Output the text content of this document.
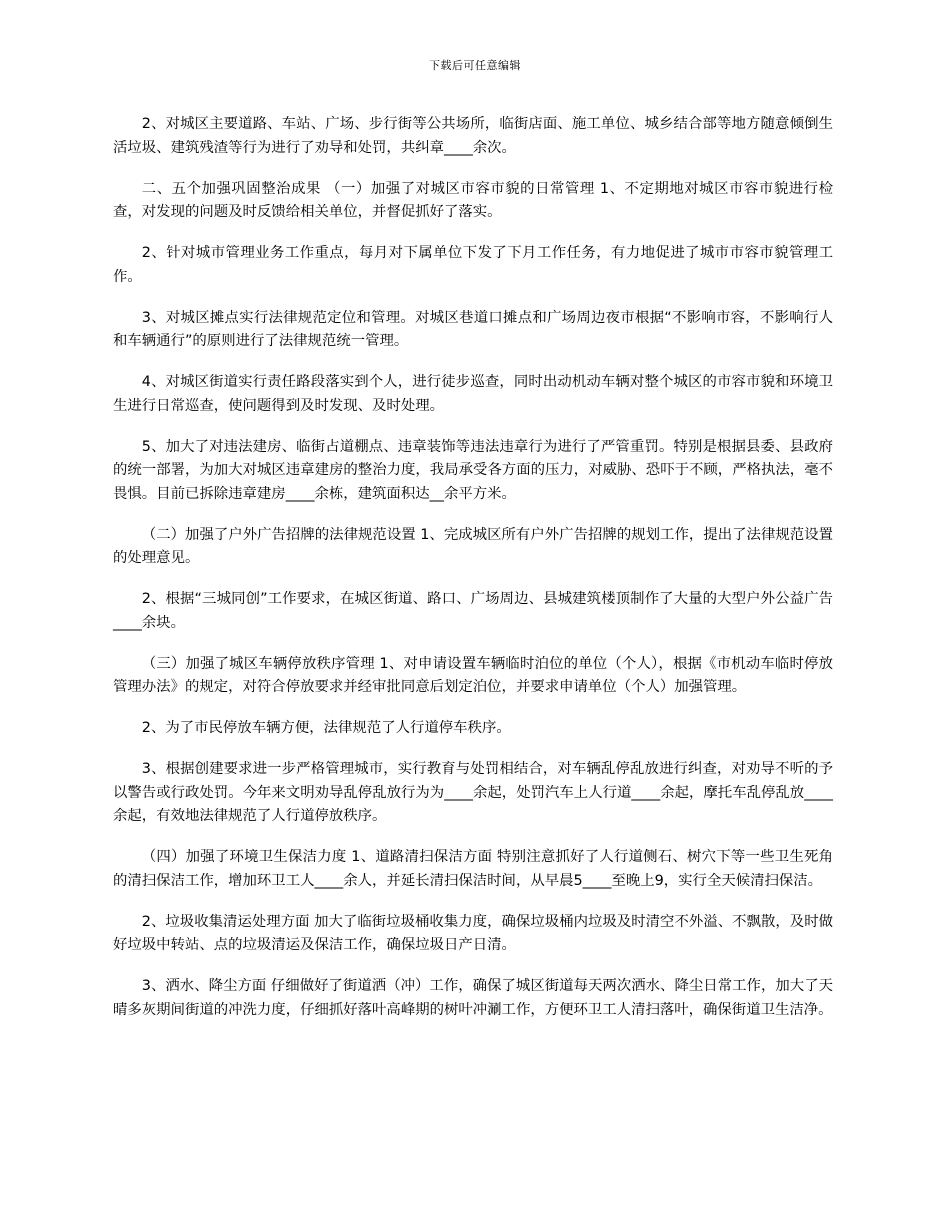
下载后可任意编辑

2、对城区主要道路、车站、广场、步行街等公共场所，临街店面、施工单位、城乡结合部等地方随意倾倒生活垃圾、建筑残渣等行为进行了劝导和处罚，共纠章____余次。

二、五个加强巩固整治成果 （一）加强了对城区市容市貌的日常管理 1、不定期地对城区市容市貌进行检查，对发现的问题及时反馈给相关单位，并督促抓好了落实。

2、针对城市管理业务工作重点，每月对下属单位下发了下月工作任务，有力地促进了城市市容市貌管理工作。

3、对城区摊点实行法律规范定位和管理。对城区巷道口摊点和广场周边夜市根据“不影响市容，不影响行人和车辆通行”的原则进行了法律规范统一管理。

4、对城区街道实行责任路段落实到个人，进行徒步巡查，同时出动机动车辆对整个城区的市容市貌和环境卫生进行日常巡查，使问题得到及时发现、及时处理。

5、加大了对违法建房、临街占道棚点、违章装饰等违法违章行为进行了严管重罚。特别是根据县委、县政府的统一部署，为加大对城区违章建房的整治力度，我局承受各方面的压力，对威胁、恐吓于不顾，严格执法，毫不畏惧。目前已拆除违章建房____余栋，建筑面积达__余平方米。

（二）加强了户外广告招牌的法律规范设置 1、完成城区所有户外广告招牌的规划工作，提出了法律规范设置的处理意见。

2、根据“三城同创”工作要求，在城区街道、路口、广场周边、县城建筑楼顶制作了大量的大型户外公益广告____余块。

（三）加强了城区车辆停放秩序管理 1、对申请设置车辆临时泊位的单位（个人），根据《市机动车临时停放管理办法》的规定，对符合停放要求并经审批同意后划定泊位，并要求申请单位（个人）加强管理。

2、为了市民停放车辆方便，法律规范了人行道停车秩序。

3、根据创建要求进一步严格管理城市，实行教育与处罚相结合，对车辆乱停乱放进行纠查，对劝导不听的予以警告或行政处罚。今年来文明劝导乱停乱放行为为____余起，处罚汽车上人行道____余起，摩托车乱停乱放____余起，有效地法律规范了人行道停放秩序。

（四）加强了环境卫生保洁力度 1、道路清扫保洁方面 特别注意抓好了人行道侧石、树穴下等一些卫生死角的清扫保洁工作，增加环卫工人____余人，并延长清扫保洁时间，从早晨5____至晚上9，实行全天候清扫保洁。

2、垃圾收集清运处理方面 加大了临街垃圾桶收集力度，确保垃圾桶内垃圾及时清空不外溢、不飘散，及时做好垃圾中转站、点的垃圾清运及保洁工作，确保垃圾日产日清。

3、洒水、降尘方面 仔细做好了街道洒（冲）工作，确保了城区街道每天两次洒水、降尘日常工作，加大了天晴多灰期间街道的冲洗力度，仔细抓好落叶高峰期的树叶冲涮工作，方便环卫工人清扫落叶，确保街道卫生洁净。
